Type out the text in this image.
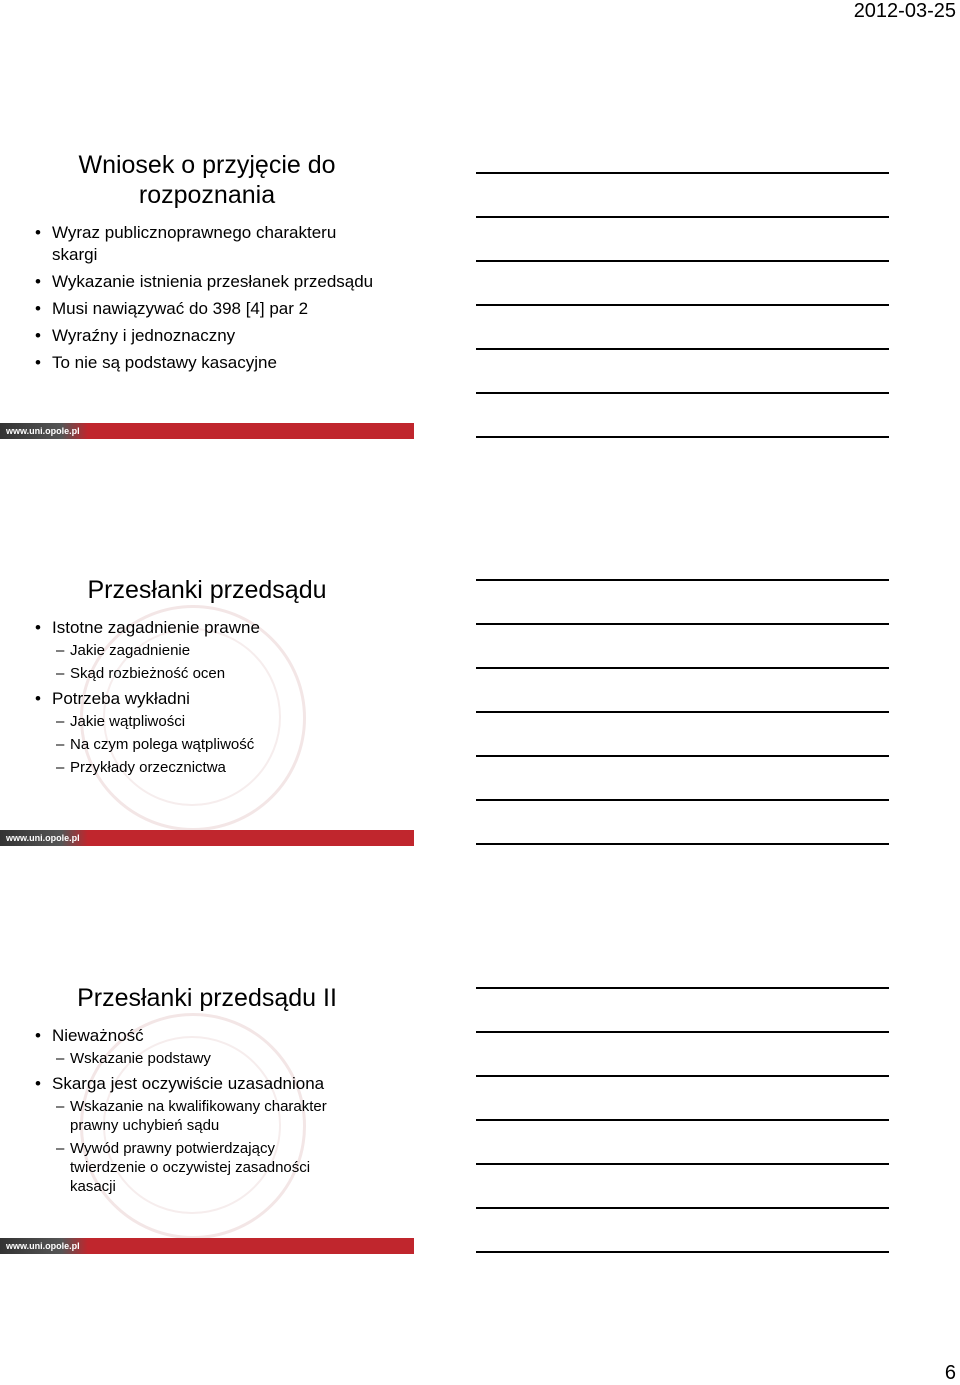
2012-03-25
Wniosek o przyjęcie do rozpoznania
• Wyraz publicznoprawnego charakteru skargi
• Wykazanie istnienia przesłanek przedsądu
• Musi nawiązywać do 398 [4] par 2
• Wyraźny i jednoznaczny
• To nie są podstawy kasacyjne
www.uni.opole.pl
Przesłanki przedsądu
• Istotne zagadnienie prawne
– Jakie zagadnienie
– Skąd rozbieżność ocen
• Potrzeba wykładni
– Jakie wątpliwości
– Na czym polega wątpliwość
– Przykłady orzecznictwa
www.uni.opole.pl
Przesłanki przedsądu II
• Nieważność
– Wskazanie podstawy
• Skarga jest oczywiście uzasadniona
– Wskazanie na kwalifikowany charakter prawny uchybień sądu
– Wywód prawny potwierdzający twierdzenie o oczywistej zasadności kasacji
www.uni.opole.pl
6
